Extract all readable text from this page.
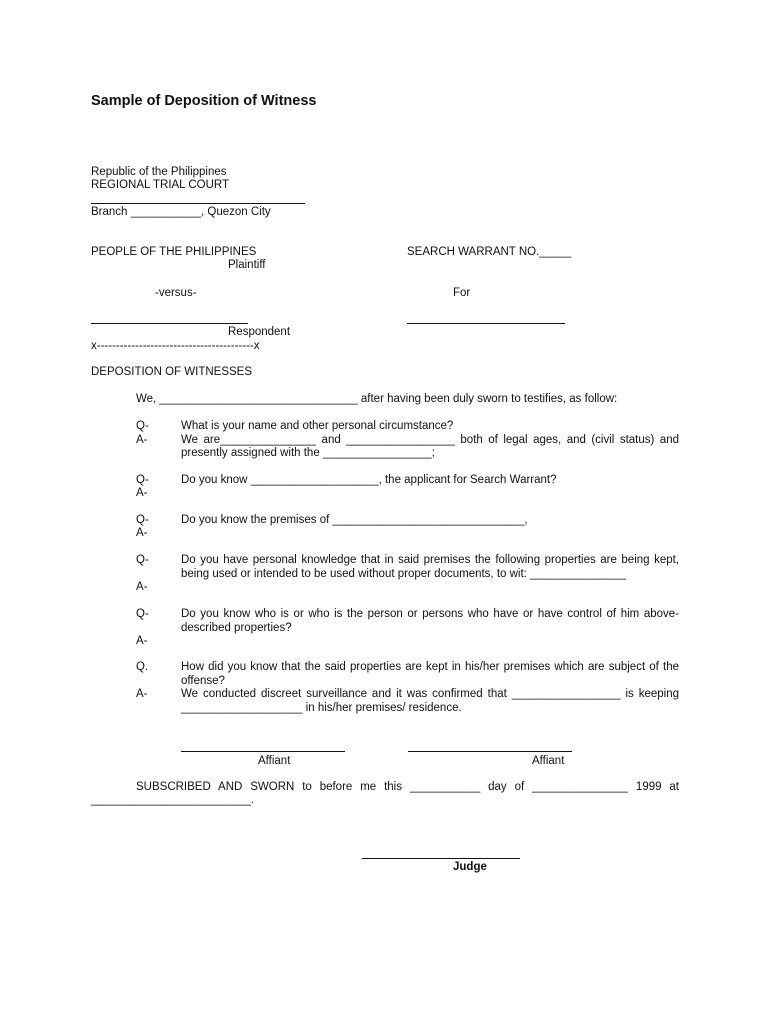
Sample of Deposition of Witness
Republic of the Philippines
REGIONAL TRIAL COURT
Branch ___________, Quezon City
PEOPLE OF THE PHILIPPINES
Plaintiff
-versus-
Respondent
x-----------------------------------------x
SEARCH WARRANT NO._____
For
DEPOSITION OF WITNESSES
We, _______________________________ after having been duly sworn to testifies, as follow:
Q-	What is your name and other personal circumstance?
A-	We are_______________ and _________________ both of legal ages, and (civil status) and
presently assigned with the _________________;
Q-	Do you know ____________________, the applicant for Search Warrant?
A-
Q-	Do you know the premises of ______________________________,
A-
Q-	Do you have personal knowledge that in said premises the following properties are being kept,
being used or intended to be used without proper documents, to wit: _______________
A-
Q-	Do you know who is or who is the person or persons who have or have control of him above-
described properties?
A-
Q.	How did you know that the said properties are kept in his/her premises which are subject of the
offense?
A-	We conducted discreet surveillance and it was confirmed that _________________ is keeping
___________________ in his/her premises/ residence.
Affiant	Affiant
SUBSCRIBED AND SWORN to before me this ___________ day of _______________ 1999 at
_________________________.
Judge
